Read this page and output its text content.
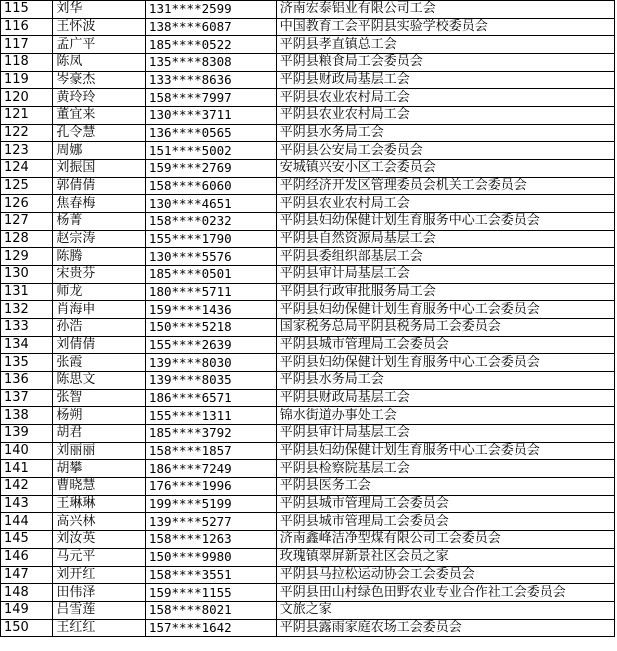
115	刘华	131****2599	济南宏泰铝业有限公司工会
116	王怀波	138****6087	中国教育工会平阴县实验学校委员会
117	孟广平	185****0522	平阴县孝直镇总工会
118	陈凤	135****8308	平阴县粮食局工会委员会
119	岑豪杰	133****8636	平阴县财政局基层工会
120	黄玲玲	158****7997	平阴县农业农村局工会
121	董宜来	130****3711	平阴县农业农村局工会
122	孔令慧	136****0565	平阴县水务局工会
123	周娜	151****5002	平阴县公安局工会委员会
124	刘振国	159****2769	安城镇兴安小区工会委员会
125	郭倩倩	158****6060	平阴经济开发区管理委员会机关工会委员会
126	焦春梅	130****4651	平阴县农业农村局工会
127	杨菁	158****0232	平阴县妇幼保健计划生育服务中心工会委员会
128	赵宗涛	155****1790	平阴县自然资源局基层工会
129	陈腾	130****5576	平阴县委组织部基层工会
130	宋贵芬	185****0501	平阴县审计局基层工会
131	师龙	180****5711	平阴县行政审批服务局工会
132	肖海申	159****1436	平阴县妇幼保健计划生育服务中心工会委员会
133	孙浩	150****5218	国家税务总局平阴县税务局工会委员会
134	刘倩倩	155****2639	平阴县城市管理局工会委员会
135	张霞	139****8030	平阴县妇幼保健计划生育服务中心工会委员会
136	陈思文	139****8035	平阴县水务局工会
137	张智	186****6571	平阴县财政局基层工会
138	杨朔	155****1311	锦水街道办事处工会
139	胡君	185****3792	平阴县审计局基层工会
140	刘丽丽	158****1857	平阴县妇幼保健计划生育服务中心工会委员会
141	胡攀	186****7249	平阴县检察院基层工会
142	曹晓慧	176****1996	平阴县医务工会
143	王琳琳	199****5199	平阴县城市管理局工会委员会
144	高兴林	139****5277	平阴县城市管理局工会委员会
145	刘汝英	158****1263	济南鑫峰洁净型煤有限公司工会委员会
146	马元平	150****9980	玫瑰镇翠屏新景社区会员之家
147	刘开红	158****3551	平阴县马拉松运动协会工会委员会
148	田伟泽	159****1155	平阴县田山村绿色田野农业专业合作社工会委员会
149	吕雪莲	158****8021	文旅之家
150	王红红	157****1642	平阴县露雨家庭农场工会委员会
